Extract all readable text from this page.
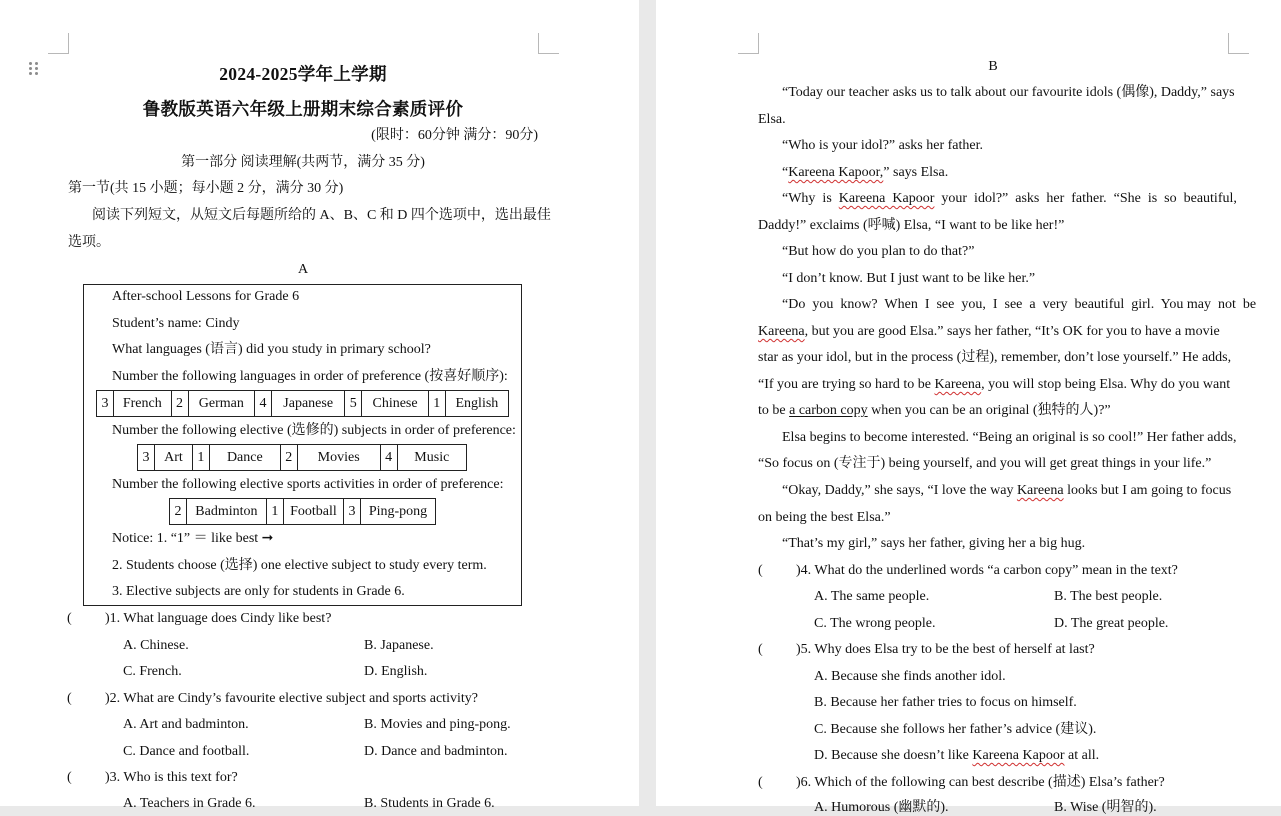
2024-2025学年上学期
鲁教版英语六年级上册期末综合素质评价
(限时：60分钟 满分：90分)
第一部分 阅读理解(共两节，满分 35 分)
第一节(共 15 小题；每小题 2 分，满分 30 分)
阅读下列短文，从短文后每题所给的 A、B、C 和 D 四个选项中，选出最佳
选项。
A
After-school Lessons for Grade 6
Student’s name: Cindy
What languages (语言) did you study in primary school?
Number the following languages in order of preference (按喜好顺序):
3	French	2	German	4	Japanese	5	Chinese	1	English
Number the following elective (选修的) subjects in order of preference:
3	Art	1	Dance	2	Movies	4	Music
Number the following elective sports activities in order of preference:
2	Badminton	1	Football	3	Ping-pong
Notice: 1. “1” ＝ like best ➞
2. Students choose (选择) one elective subject to study every term.
3. Elective subjects are only for students in Grade 6.
( )1. What language does Cindy like best?
A. Chinese.	B. Japanese.
C. French.	D. English.
( )2. What are Cindy’s favourite elective subject and sports activity?
A. Art and badminton.	B. Movies and ping-pong.
C. Dance and football.	D. Dance and badminton.
( )3. Who is this text for?
A. Teachers in Grade 6.	B. Students in Grade 6.
B
“Today our teacher asks us to talk about our favourite idols (偶像), Daddy,” says
Elsa.
“Who is your idol?” asks her father.
“Kareena Kapoor,” says Elsa.
“Why  is  Kareena  Kapoor  your  idol?”  asks  her  father.  “She  is  so  beautiful,
Daddy!” exclaims (呼喊) Elsa, “I want to be like her!”
“But how do you plan to do that?”
“I don’t know. But I just want to be like her.”
“Do  you  know?  When  I  see  you,  I  see  a  very  beautiful  girl.  You may  not  be
Kareena, but you are good Elsa.” says her father, “It’s OK for you to have a movie
star as your idol, but in the process (过程), remember, don’t lose yourself.” He adds,
“If you are trying so hard to be Kareena, you will stop being Elsa. Why do you want
to be a carbon copy when you can be an original (独特的人)?”
Elsa begins to become interested. “Being an original is so cool!” Her father adds,
“So focus on (专注于) being yourself, and you will get great things in your life.”
“Okay, Daddy,” she says, “I love the way Kareena looks but I am going to focus
on being the best Elsa.”
“That’s my girl,” says her father, giving her a big hug.
( )4. What do the underlined words “a carbon copy” mean in the text?
A. The same people.	B. The best people.
C. The wrong people.	D. The great people.
( )5. Why does Elsa try to be the best of herself at last?
A. Because she finds another idol.
B. Because her father tries to focus on himself.
C. Because she follows her father’s advice (建议).
D. Because she doesn’t like Kareena Kapoor at all.
( )6. Which of the following can best describe (描述) Elsa’s father?
A. Humorous (幽默的).	B. Wise (明智的).
